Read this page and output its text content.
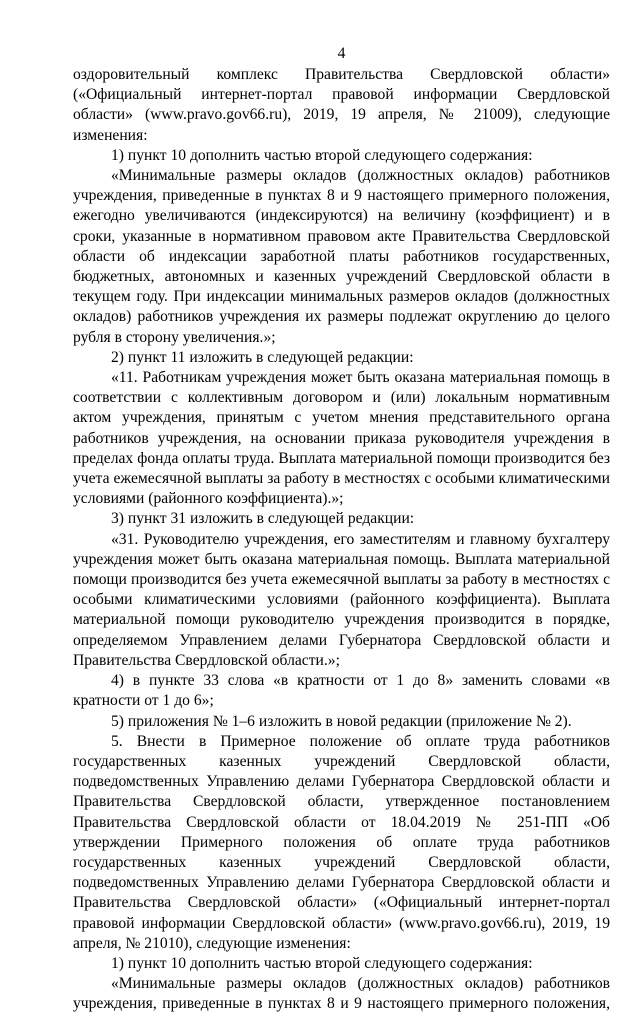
4

оздоровительный комплекс Правительства Свердловской области» («Официальный интернет-портал правовой информации Свердловской области» (www.pravo.gov66.ru), 2019, 19 апреля, № 21009), следующие изменения:

1) пункт 10 дополнить частью второй следующего содержания:

«Минимальные размеры окладов (должностных окладов) работников учреждения, приведенные в пунктах 8 и 9 настоящего примерного положения, ежегодно увеличиваются (индексируются) на величину (коэффициент) и в сроки, указанные в нормативном правовом акте Правительства Свердловской области об индексации заработной платы работников государственных, бюджетных, автономных и казенных учреждений Свердловской области в текущем году. При индексации минимальных размеров окладов (должностных окладов) работников учреждения их размеры подлежат округлению до целого рубля в сторону увеличения.»;

2) пункт 11 изложить в следующей редакции:

«11. Работникам учреждения может быть оказана материальная помощь в соответствии с коллективным договором и (или) локальным нормативным актом учреждения, принятым с учетом мнения представительного органа работников учреждения, на основании приказа руководителя учреждения в пределах фонда оплаты труда. Выплата материальной помощи производится без учета ежемесячной выплаты за работу в местностях с особыми климатическими условиями (районного коэффициента).»;

3) пункт 31 изложить в следующей редакции:

«31. Руководителю учреждения, его заместителям и главному бухгалтеру учреждения может быть оказана материальная помощь. Выплата материальной помощи производится без учета ежемесячной выплаты за работу в местностях с особыми климатическими условиями (районного коэффициента). Выплата материальной помощи руководителю учреждения производится в порядке, определяемом Управлением делами Губернатора Свердловской области и Правительства Свердловской области.»;

4) в пункте 33 слова «в кратности от 1 до 8» заменить словами «в кратности от 1 до 6»;

5) приложения № 1–6 изложить в новой редакции (приложение № 2).

5. Внести в Примерное положение об оплате труда работников государственных казенных учреждений Свердловской области, подведомственных Управлению делами Губернатора Свердловской области и Правительства Свердловской области, утвержденное постановлением Правительства Свердловской области от 18.04.2019 № 251-ПП «Об утверждении Примерного положения об оплате труда работников государственных казенных учреждений Свердловской области, подведомственных Управлению делами Губернатора Свердловской области и Правительства Свердловской области» («Официальный интернет-портал правовой информации Свердловской области» (www.pravo.gov66.ru), 2019, 19 апреля, № 21010), следующие изменения:

1) пункт 10 дополнить частью второй следующего содержания:

«Минимальные размеры окладов (должностных окладов) работников учреждения, приведенные в пунктах 8 и 9 настоящего примерного положения,
